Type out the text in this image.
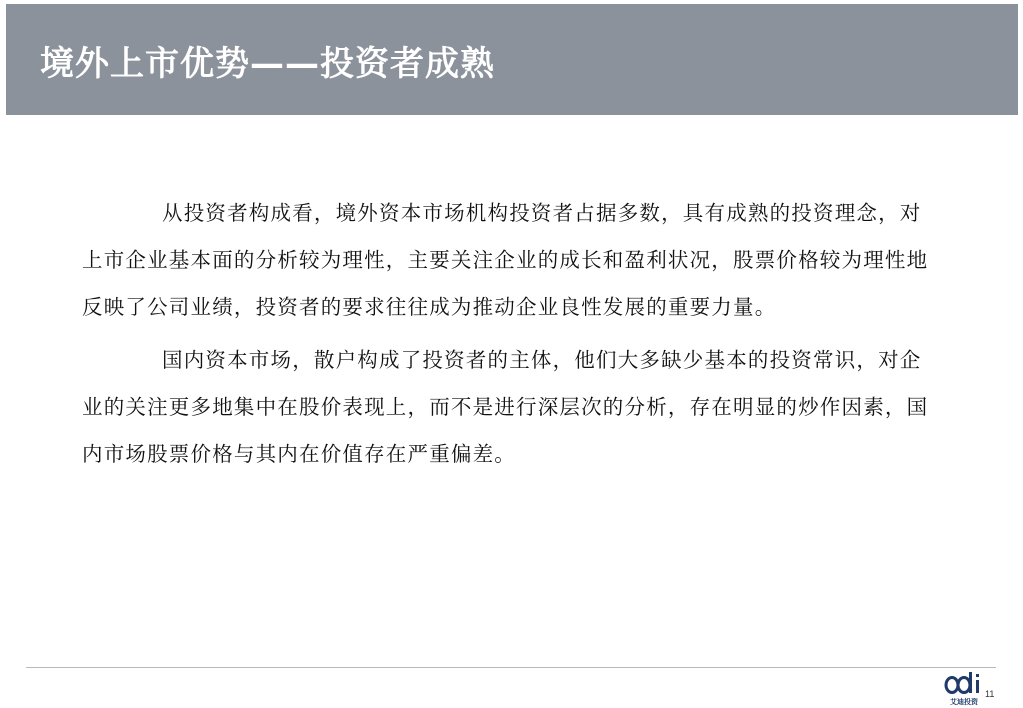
境外上市优势——投资者成熟

从投资者构成看，境外资本市场机构投资者占据多数，具有成熟的投资理念，对上市企业基本面的分析较为理性，主要关注企业的成长和盈利状况，股票价格较为理性地反映了公司业绩，投资者的要求往往成为推动企业良性发展的重要力量。

国内资本市场，散户构成了投资者的主体，他们大多缺少基本的投资常识，对企业的关注更多地集中在股价表现上，而不是进行深层次的分析，存在明显的炒作因素，国内市场股票价格与其内在价值存在严重偏差。

艾迪投资
11
